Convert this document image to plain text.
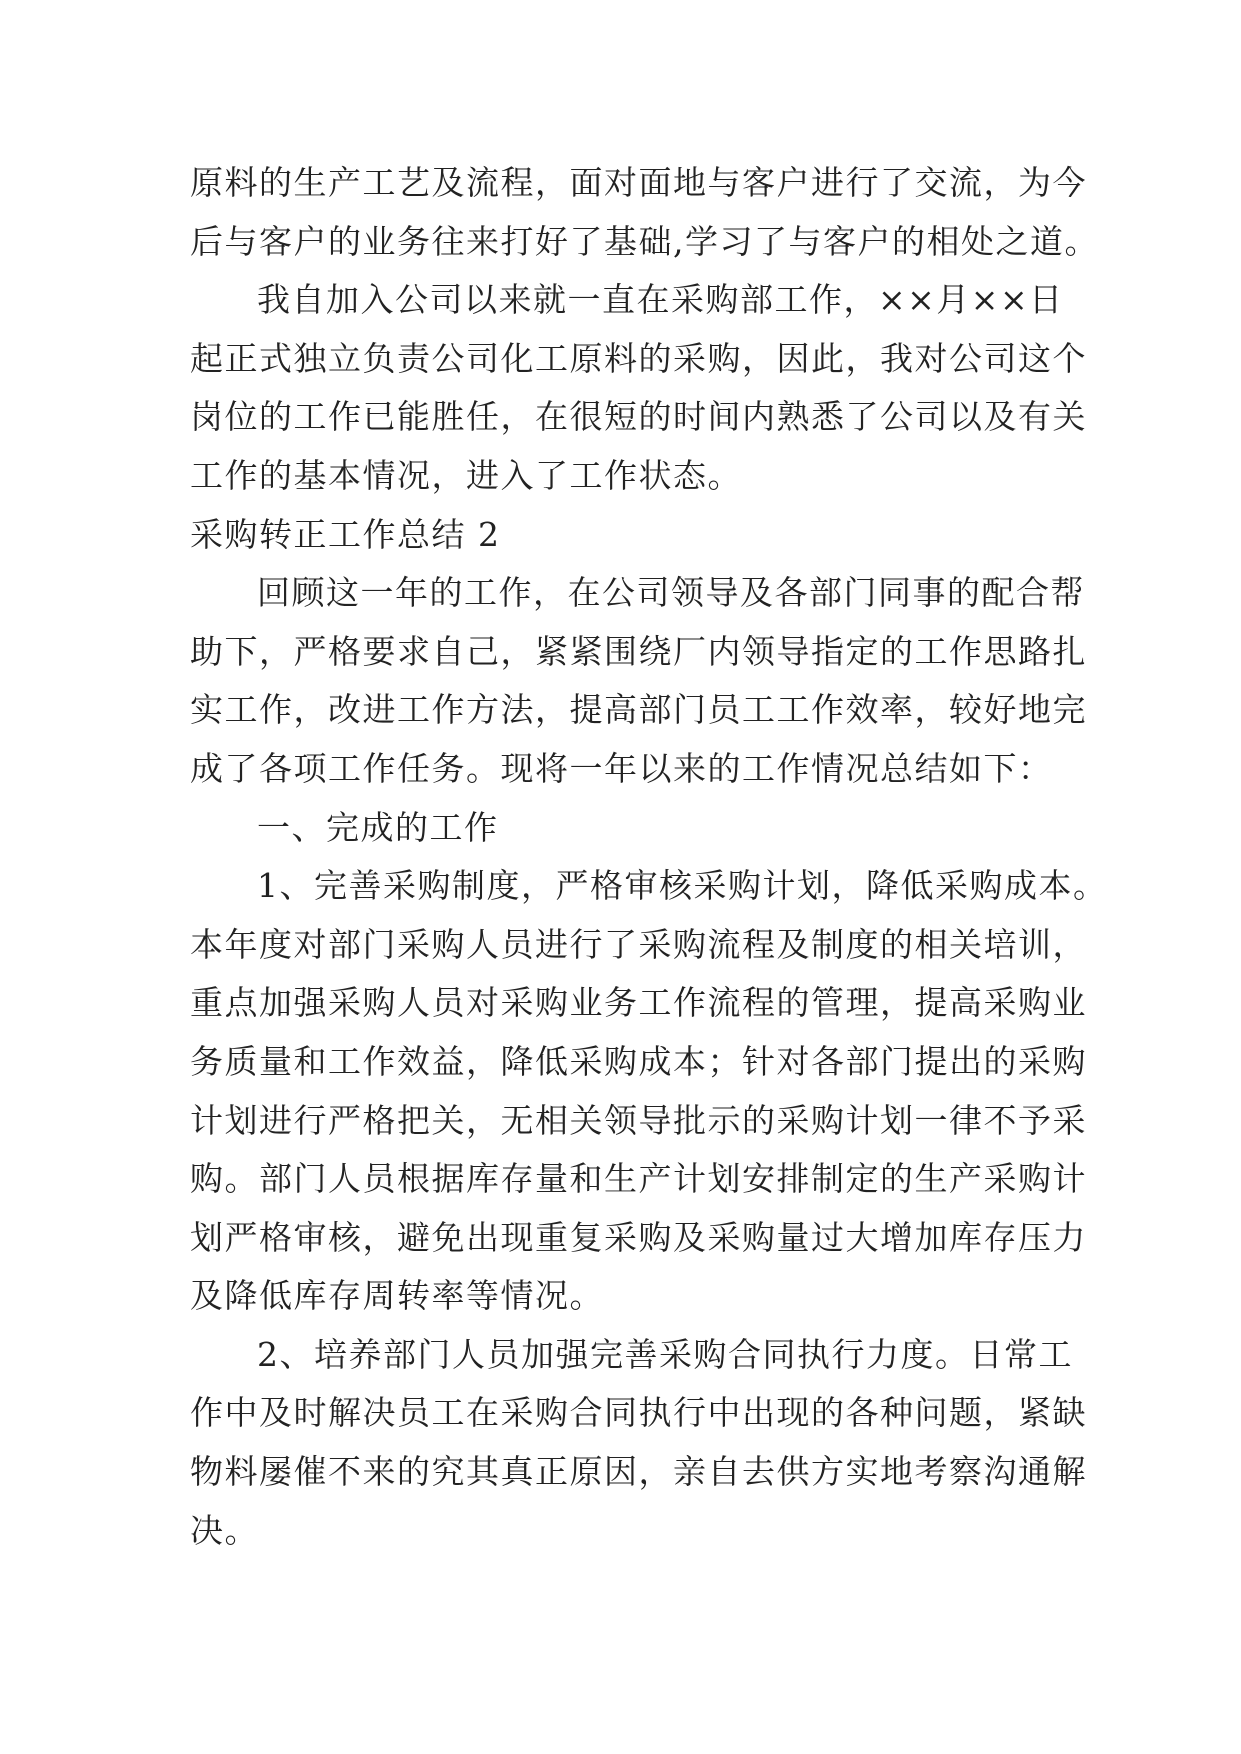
原料的生产工艺及流程，面对面地与客户进行了交流，为今
后与客户的业务往来打好了基础,学习了与客户的相处之道。
我自加入公司以来就一直在采购部工作，××月××日
起正式独立负责公司化工原料的采购，因此，我对公司这个
岗位的工作已能胜任，在很短的时间内熟悉了公司以及有关
工作的基本情况，进入了工作状态。
采购转正工作总结 2
回顾这一年的工作，在公司领导及各部门同事的配合帮
助下，严格要求自己，紧紧围绕厂内领导指定的工作思路扎
实工作，改进工作方法，提高部门员工工作效率，较好地完
成了各项工作任务。现将一年以来的工作情况总结如下：
一、完成的工作
1、完善采购制度，严格审核采购计划，降低采购成本。
本年度对部门采购人员进行了采购流程及制度的相关培训，
重点加强采购人员对采购业务工作流程的管理，提高采购业
务质量和工作效益，降低采购成本；针对各部门提出的采购
计划进行严格把关，无相关领导批示的采购计划一律不予采
购。部门人员根据库存量和生产计划安排制定的生产采购计
划严格审核，避免出现重复采购及采购量过大增加库存压力
及降低库存周转率等情况。
2、培养部门人员加强完善采购合同执行力度。日常工
作中及时解决员工在采购合同执行中出现的各种问题，紧缺
物料屡催不来的究其真正原因，亲自去供方实地考察沟通解
决。
